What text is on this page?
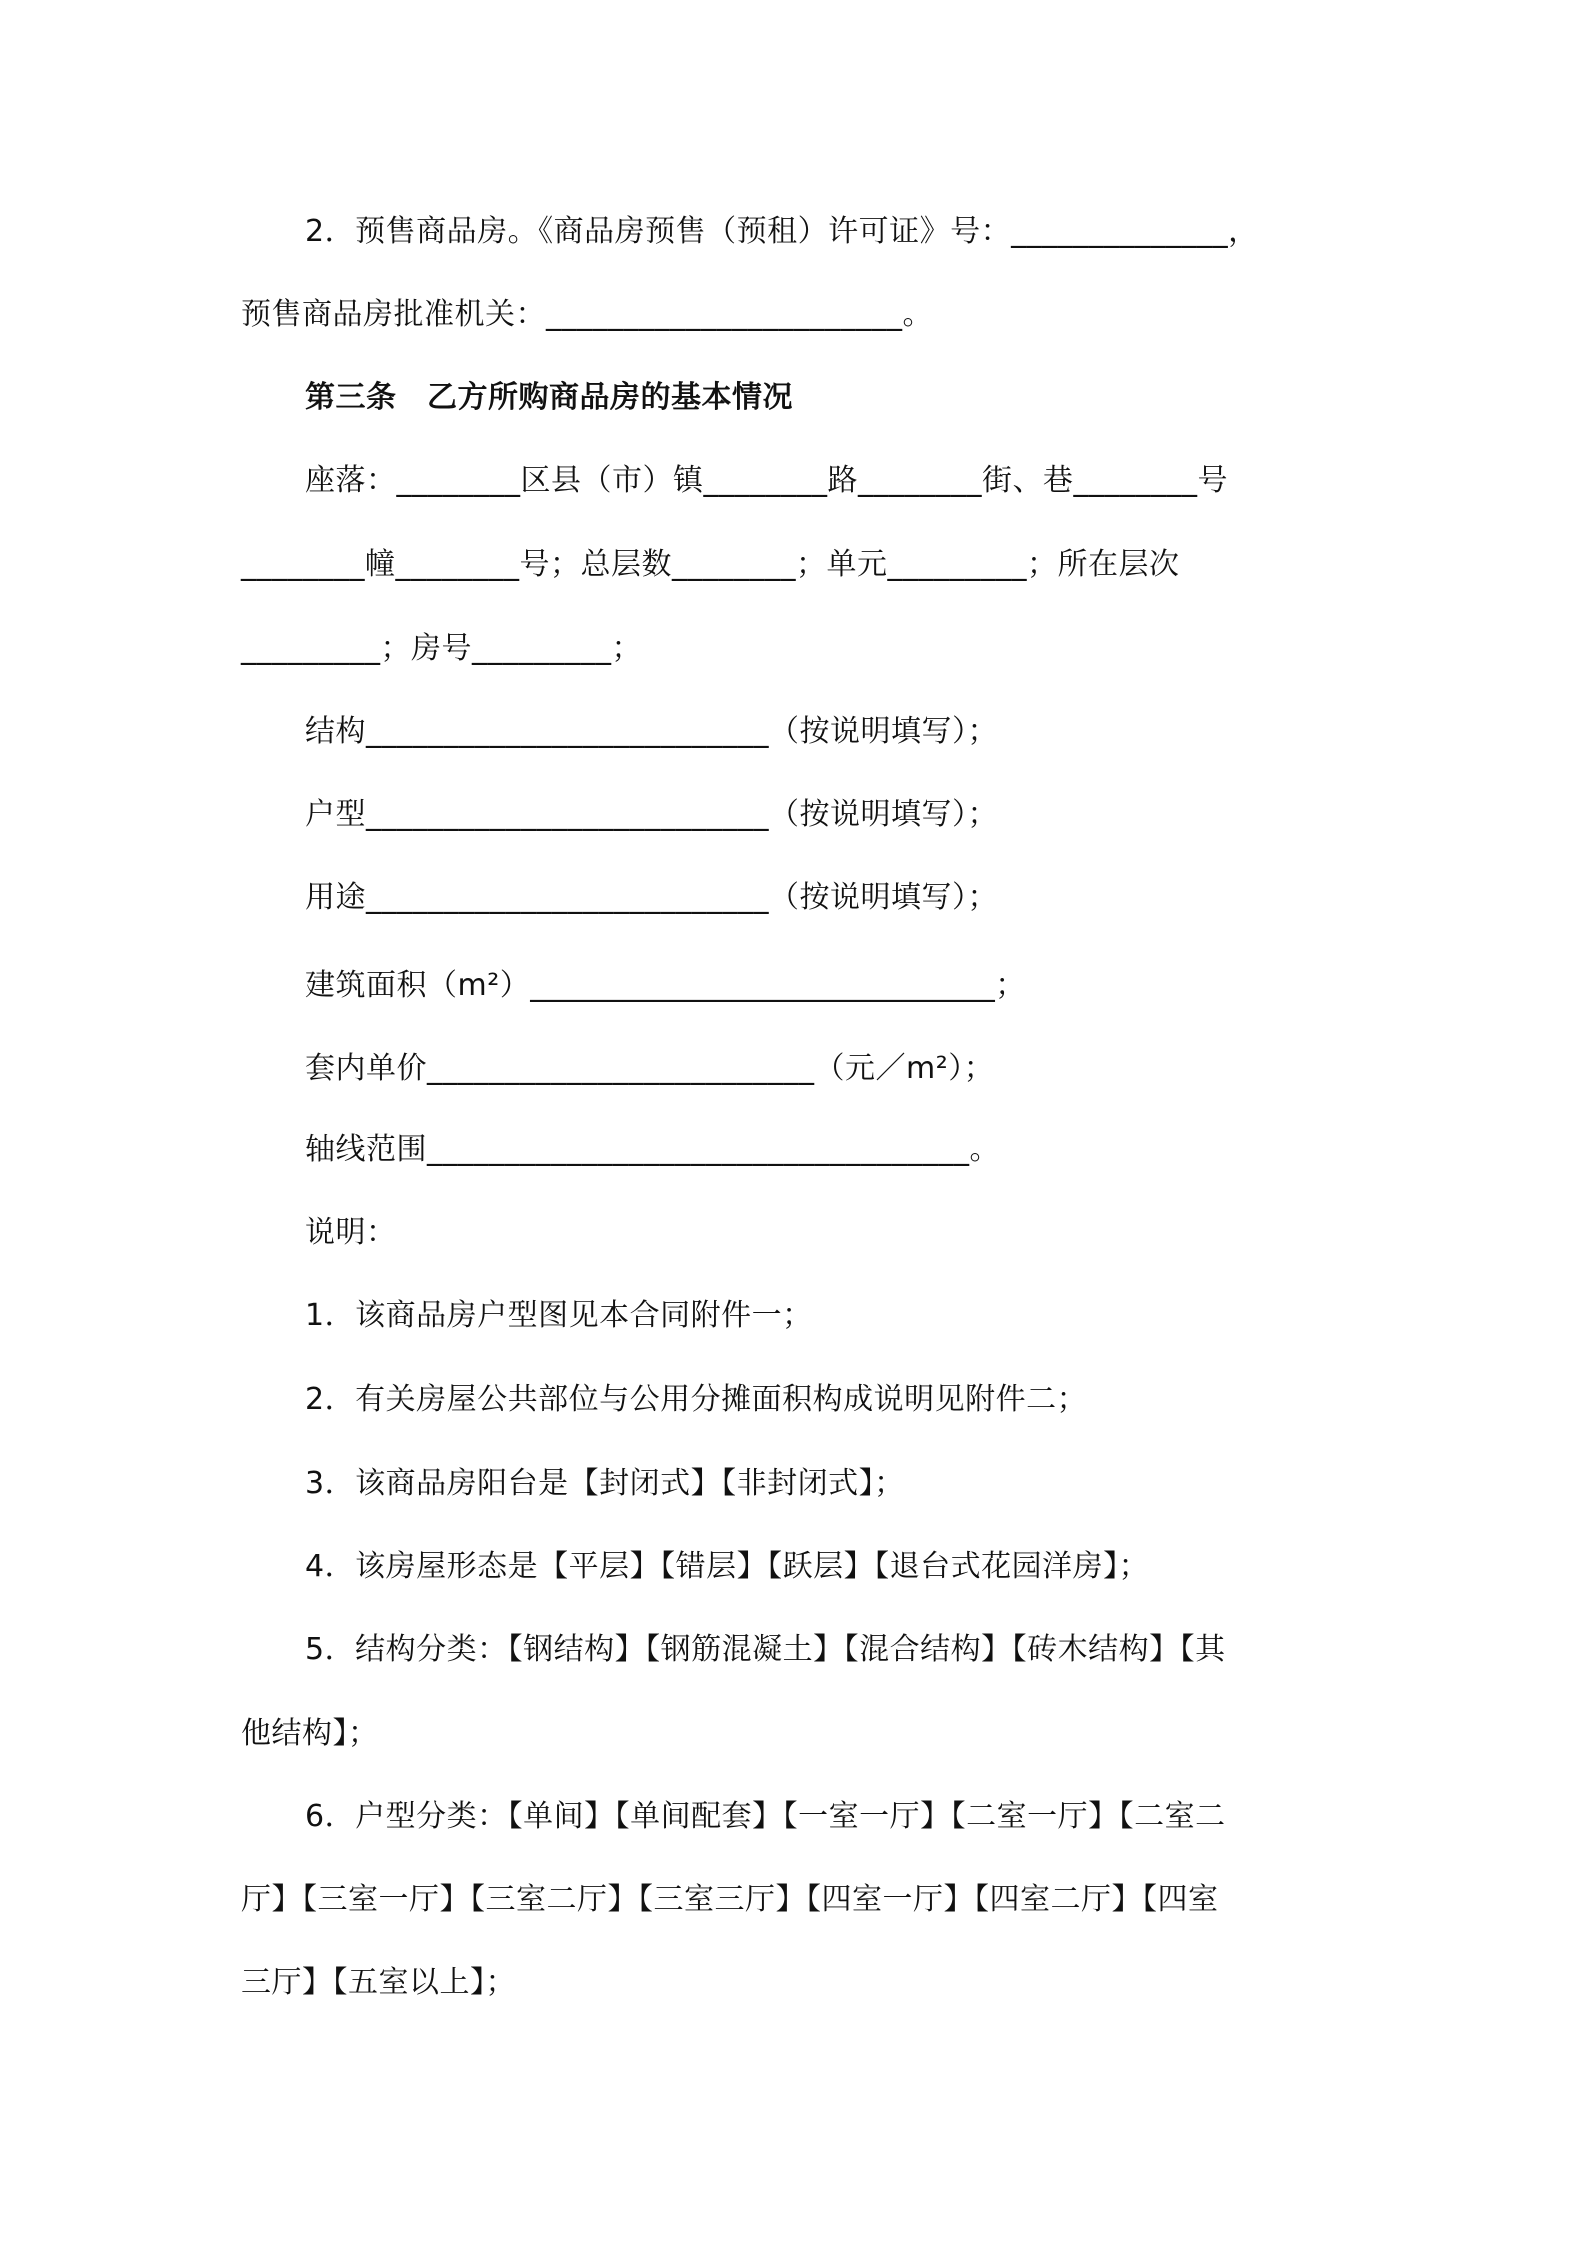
2．预售商品房。《商品房预售（预租）许可证》号：______________，
预售商品房批准机关：_______________________。
第三条　乙方所购商品房的基本情况
座落：________区县（市）镇________路________街、巷________号
________幢________号；总层数________；单元_________；所在层次
_________；房号_________；
结构__________________________（按说明填写）；
户型__________________________（按说明填写）；
用途__________________________（按说明填写）；
建筑面积（m²）______________________________；
套内单价_________________________（元／m²）；
轴线范围___________________________________。
说明：
1．该商品房户型图见本合同附件一；
2．有关房屋公共部位与公用分摊面积构成说明见附件二；
3．该商品房阳台是【封闭式】【非封闭式】；
4．该房屋形态是【平层】【错层】【跃层】【退台式花园洋房】；
5．结构分类：【钢结构】【钢筋混凝土】【混合结构】【砖木结构】【其
他结构】；
6．户型分类：【单间】【单间配套】【一室一厅】【二室一厅】【二室二
厅】【三室一厅】【三室二厅】【三室三厅】【四室一厅】【四室二厅】【四室
三厅】【五室以上】；
